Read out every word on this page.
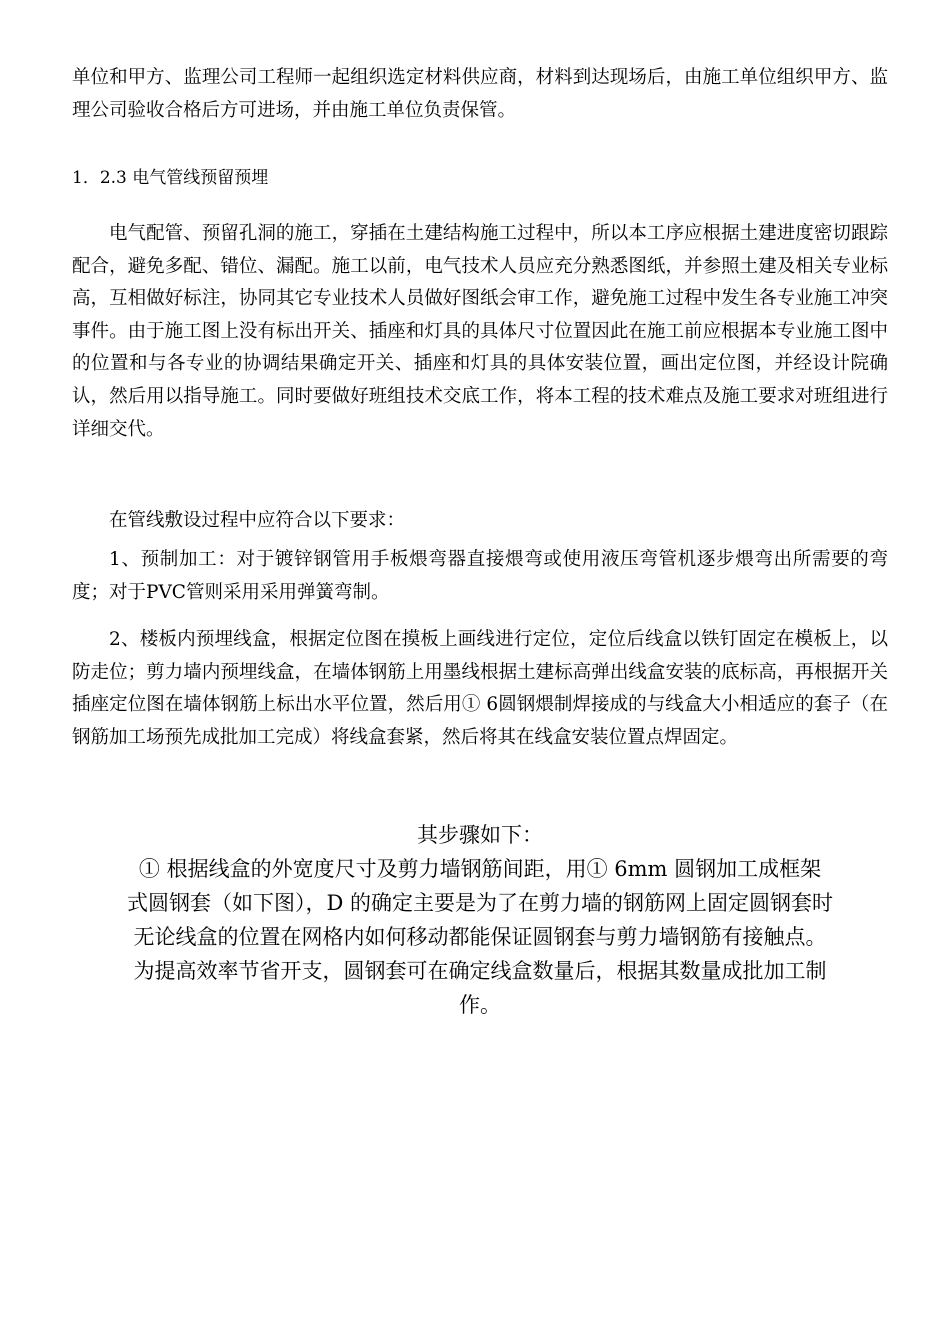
单位和甲方、监理公司工程师一起组织选定材料供应商，材料到达现场后，由施工单位组织甲方、监理公司验收合格后方可进场，并由施工单位负责保管。

1．2.3 电气管线预留预埋

电气配管、预留孔洞的施工，穿插在土建结构施工过程中，所以本工序应根据土建进度密切跟踪配合，避免多配、错位、漏配。施工以前，电气技术人员应充分熟悉图纸，并参照土建及相关专业标高，互相做好标注，协同其它专业技术人员做好图纸会审工作，避免施工过程中发生各专业施工冲突事件。由于施工图上没有标出开关、插座和灯具的具体尺寸位置因此在施工前应根据本专业施工图中的位置和与各专业的协调结果确定开关、插座和灯具的具体安装位置，画出定位图，并经设计院确认，然后用以指导施工。同时要做好班组技术交底工作，将本工程的技术难点及施工要求对班组进行详细交代。

在管线敷设过程中应符合以下要求：

1、预制加工：对于镀锌钢管用手板煨弯器直接煨弯或使用液压弯管机逐步煨弯出所需要的弯度；对于PVC管则采用采用弹簧弯制。

2、楼板内预埋线盒，根据定位图在摸板上画线进行定位，定位后线盒以铁钉固定在模板上，以防走位；剪力墙内预埋线盒，在墙体钢筋上用墨线根据土建标高弹出线盒安装的底标高，再根据开关插座定位图在墙体钢筋上标出水平位置，然后用① 6圆钢煨制焊接成的与线盒大小相适应的套子（在钢筋加工场预先成批加工完成）将线盒套紧，然后将其在线盒安装位置点焊固定。

其步骤如下：
① 根据线盒的外宽度尺寸及剪力墙钢筋间距，用① 6mm 圆钢加工成框架
式圆钢套（如下图），D 的确定主要是为了在剪力墙的钢筋网上固定圆钢套时
无论线盒的位置在网格内如何移动都能保证圆钢套与剪力墙钢筋有接触点。
为提高效率节省开支，圆钢套可在确定线盒数量后，根据其数量成批加工制
作。
